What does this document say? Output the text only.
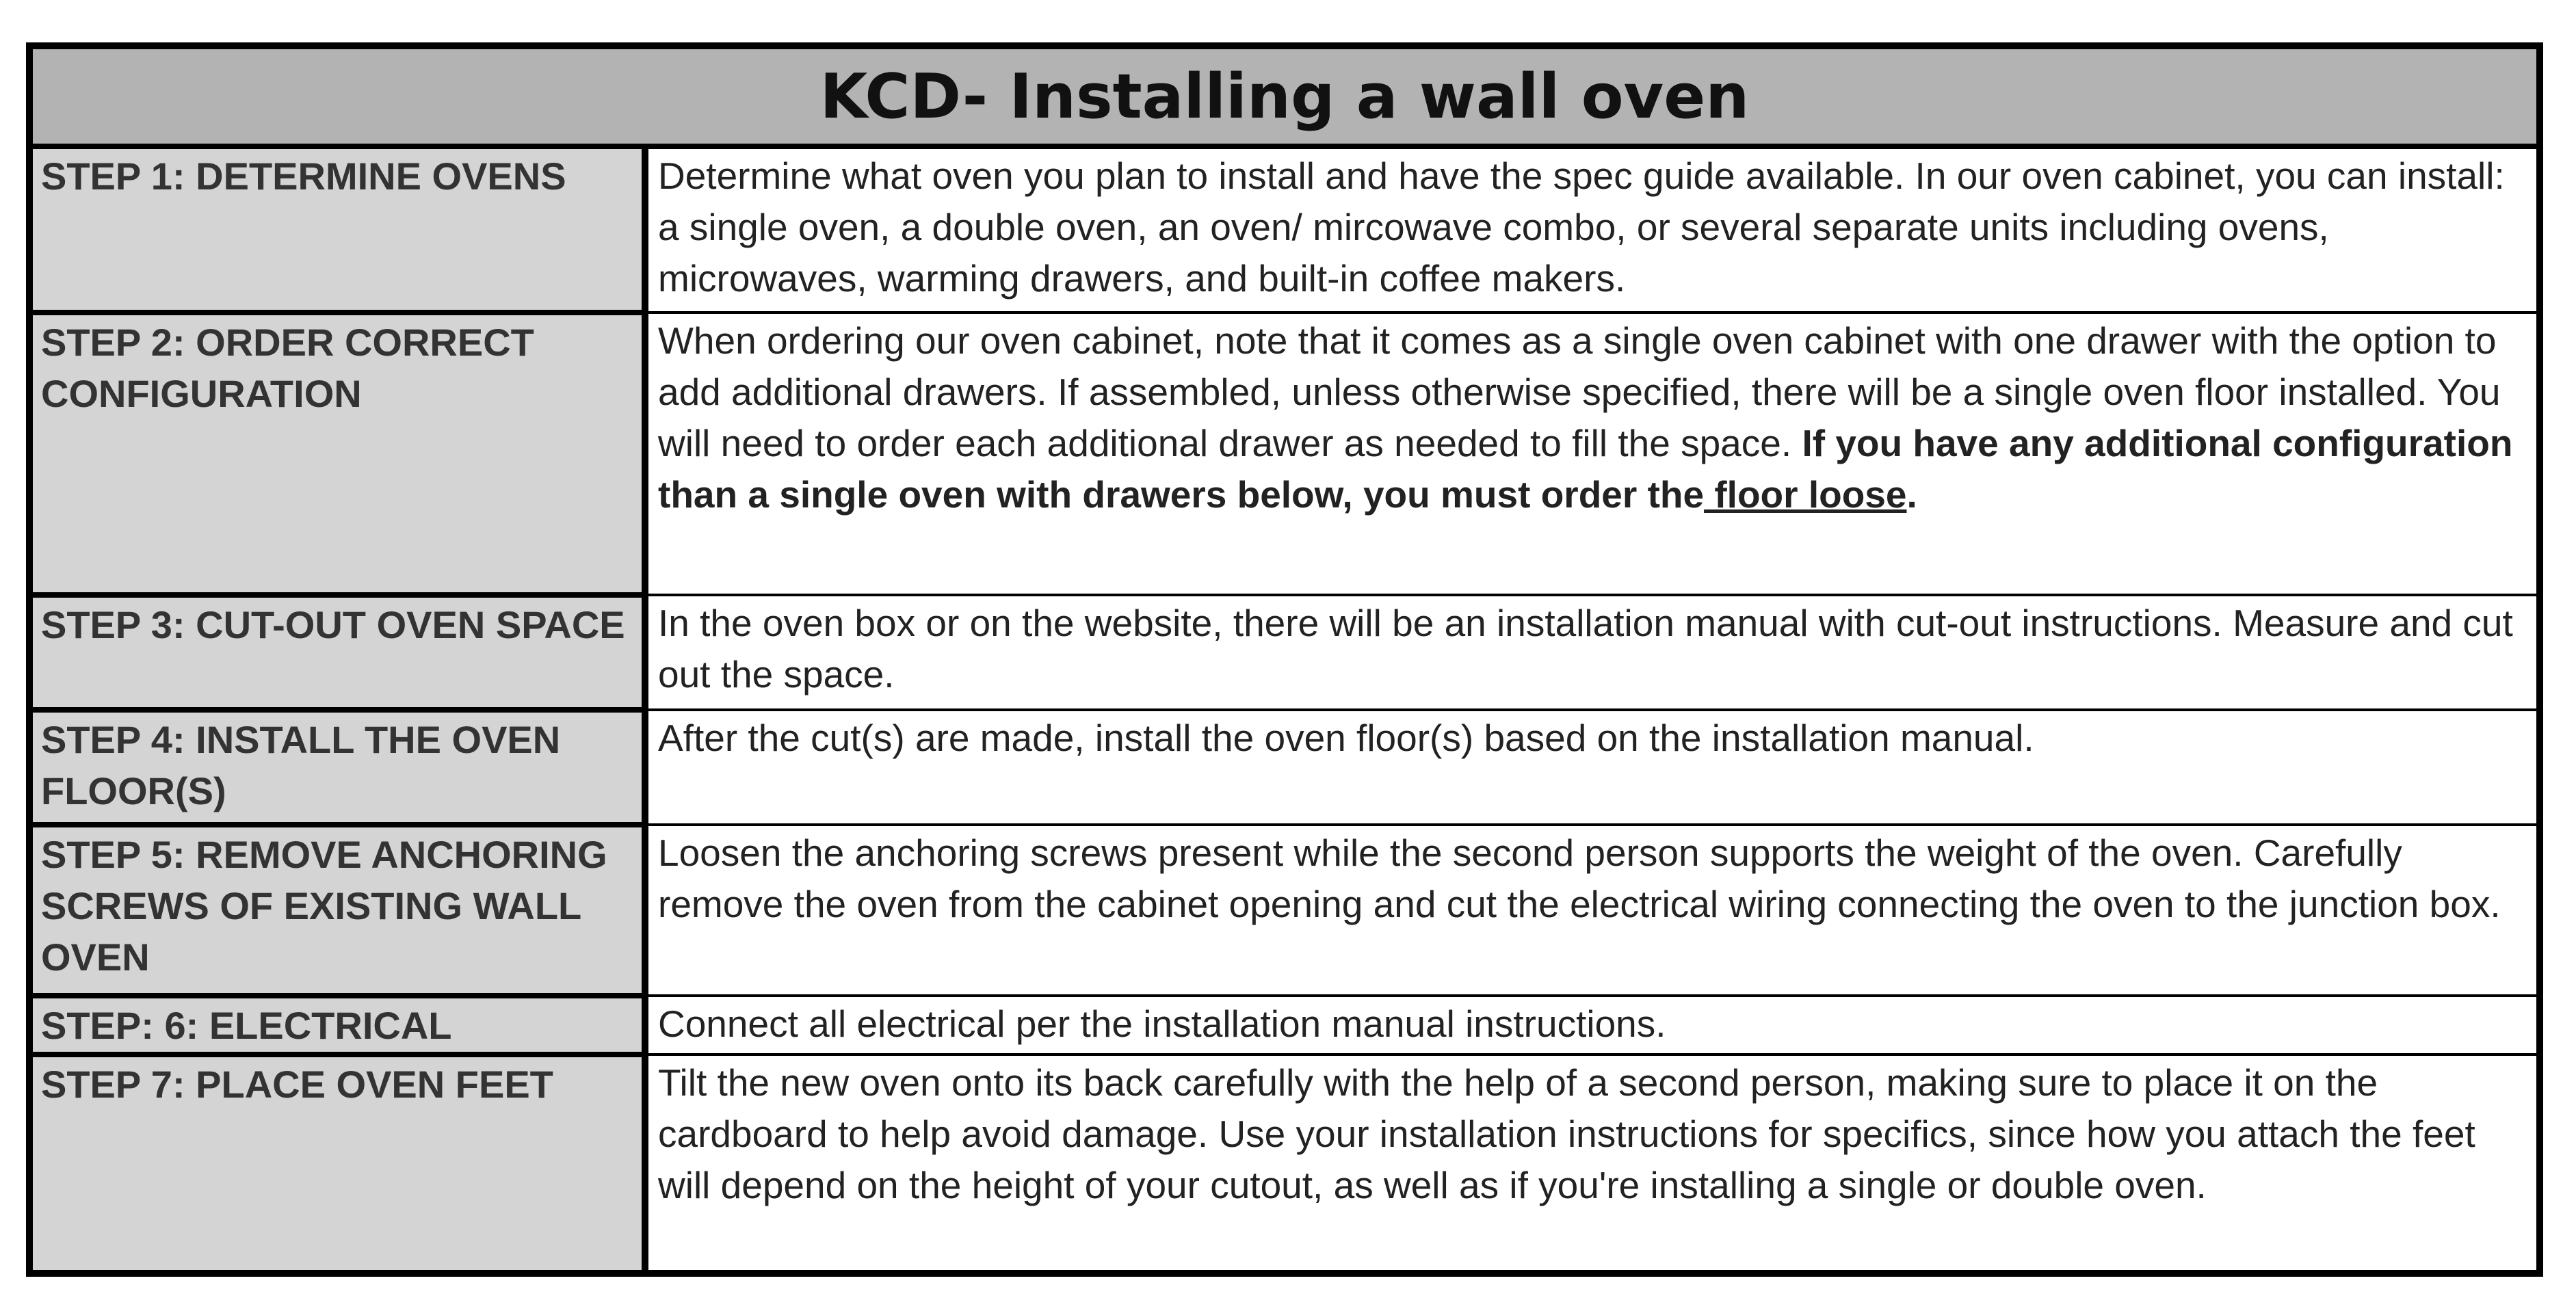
KCD- Installing a wall oven	
STEP 1: DETERMINE OVENS	Determine what oven you plan to install and have the spec guide available. In our oven cabinet, you can install: a single oven, a double oven, an oven/ mircowave combo, or several separate units including ovens, microwaves, warming drawers, and built-in coffee makers.
STEP 2: ORDER CORRECT CONFIGURATION	When ordering our oven cabinet, note that it comes as a single oven cabinet with one drawer with the option to add additional drawers. If assembled, unless otherwise specified, there will be a single oven floor installed. You will need to order each additional drawer as needed to fill the space. If you have any additional configuration than a single oven with drawers below, you must order the floor loose.
STEP 3: CUT-OUT OVEN SPACE	In the oven box or on the website, there will be an installation manual with cut-out instructions. Measure and cut out the space.
STEP 4: INSTALL THE OVEN FLOOR(S)	After the cut(s) are made, install the oven floor(s) based on the installation manual.
STEP 5: REMOVE ANCHORING SCREWS OF EXISTING WALL OVEN	Loosen the anchoring screws present while the second person supports the weight of the oven. Carefully remove the oven from the cabinet opening and cut the electrical wiring connecting the oven to the junction box.
STEP: 6: ELECTRICAL	Connect all electrical per the installation manual instructions.
STEP 7: PLACE OVEN FEET	Tilt the new oven onto its back carefully with the help of a second person, making sure to place it on the cardboard to help avoid damage. Use your installation instructions for specifics, since how you attach the feet will depend on the height of your cutout, as well as if you're installing a single or double oven.
